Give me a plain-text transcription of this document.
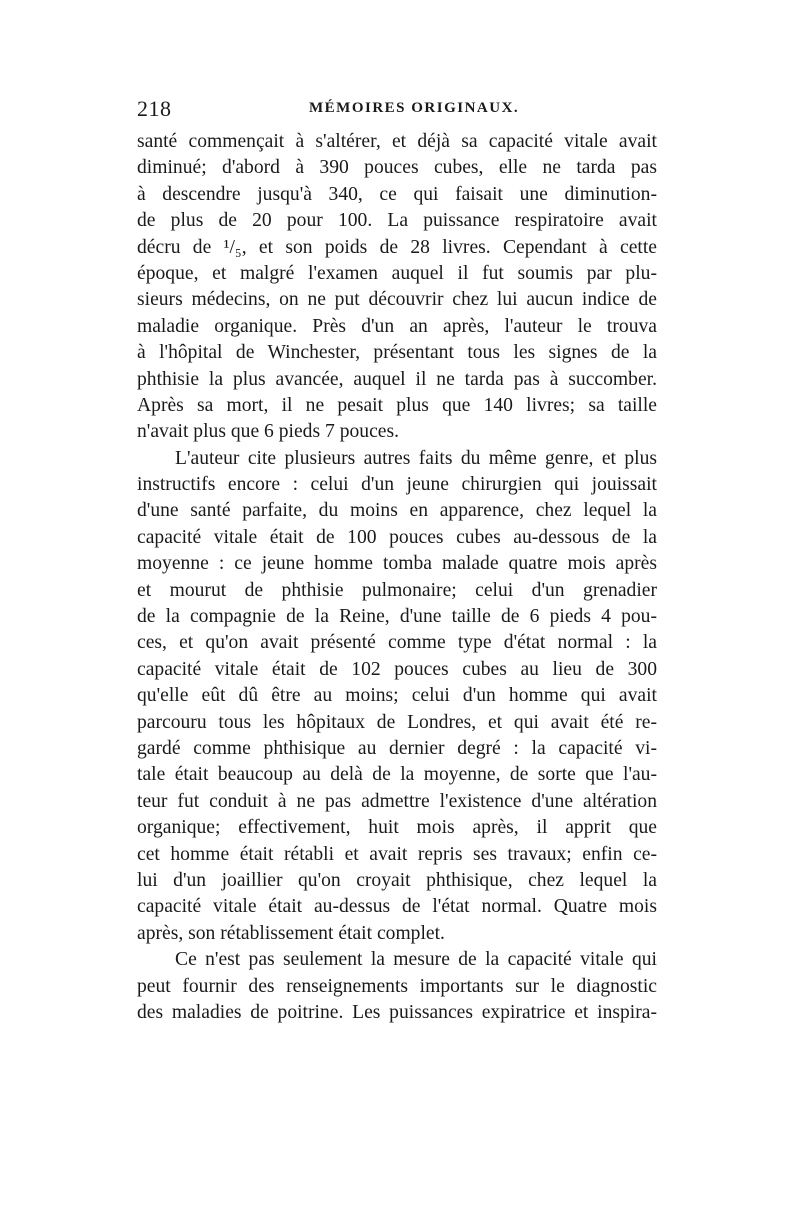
218	MÉMOIRES ORIGINAUX.
santé commençait à s'altérer, et déjà sa capacité vitale avait
diminué; d'abord à 390 pouces cubes, elle ne tarda pas
à descendre jusqu'à 340, ce qui faisait une diminution-
de plus de 20 pour 100. La puissance respiratoire avait
décru de ¹/₅, et son poids de 28 livres. Cependant à cette
époque, et malgré l'examen auquel il fut soumis par plu-
sieurs médecins, on ne put découvrir chez lui aucun indice de
maladie organique. Près d'un an après, l'auteur le trouva
à l'hôpital de Winchester, présentant tous les signes de la
phthisie la plus avancée, auquel il ne tarda pas à succomber.
Après sa mort, il ne pesait plus que 140 livres; sa taille
n'avait plus que 6 pieds 7 pouces.
L'auteur cite plusieurs autres faits du même genre, et plus
instructifs encore : celui d'un jeune chirurgien qui jouissait
d'une santé parfaite, du moins en apparence, chez lequel la
capacité vitale était de 100 pouces cubes au-dessous de la
moyenne : ce jeune homme tomba malade quatre mois après
et mourut de phthisie pulmonaire; celui d'un grenadier
de la compagnie de la Reine, d'une taille de 6 pieds 4 pou-
ces, et qu'on avait présenté comme type d'état normal : la
capacité vitale était de 102 pouces cubes au lieu de 300
qu'elle eût dû être au moins; celui d'un homme qui avait
parcouru tous les hôpitaux de Londres, et qui avait été re-
gardé comme phthisique au dernier degré : la capacité vi-
tale était beaucoup au delà de la moyenne, de sorte que l'au-
teur fut conduit à ne pas admettre l'existence d'une altération
organique; effectivement, huit mois après, il apprit que
cet homme était rétabli et avait repris ses travaux; enfin ce-
lui d'un joaillier qu'on croyait phthisique, chez lequel la
capacité vitale était au-dessus de l'état normal. Quatre mois
après, son rétablissement était complet.
Ce n'est pas seulement la mesure de la capacité vitale qui
peut fournir des renseignements importants sur le diagnostic
des maladies de poitrine. Les puissances expiratrice et inspira-
